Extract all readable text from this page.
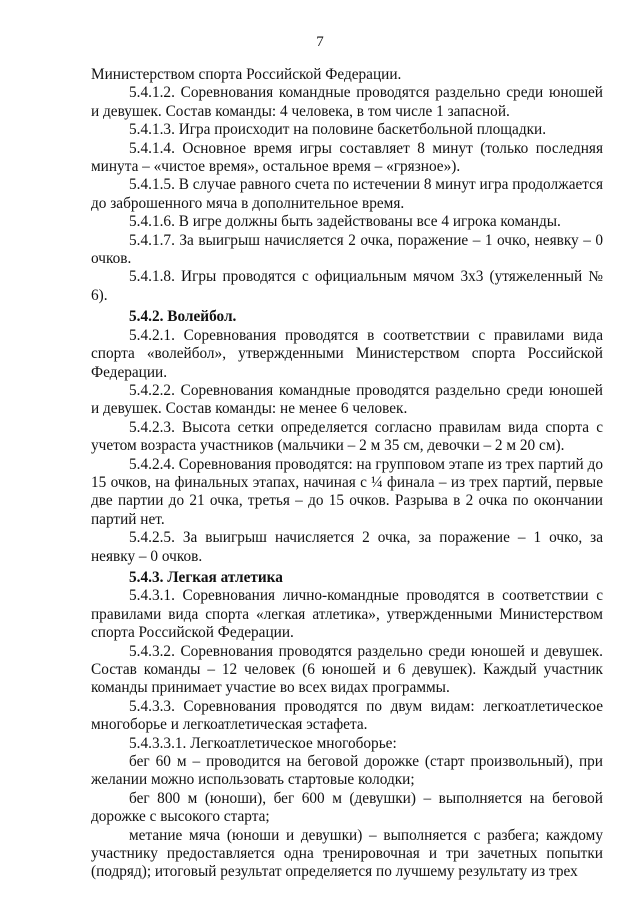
7

Министерством спорта Российской Федерации.

5.4.1.2. Соревнования командные проводятся раздельно среди юношей и девушек. Состав команды: 4 человека, в том числе 1 запасной.

5.4.1.3. Игра происходит на половине баскетбольной площадки.

5.4.1.4. Основное время игры составляет 8 минут (только последняя минута – «чистое время», остальное время – «грязное»).

5.4.1.5. В случае равного счета по истечении 8 минут игра продолжается до заброшенного мяча в дополнительное время.

5.4.1.6. В игре должны быть задействованы все 4 игрока команды.

5.4.1.7. За выигрыш начисляется 2 очка, поражение – 1 очко, неявку – 0 очков.

5.4.1.8. Игры проводятся с официальным мячом 3х3 (утяжеленный № 6).

5.4.2. Волейбол.

5.4.2.1. Соревнования проводятся в соответствии с правилами вида спорта «волейбол», утвержденными Министерством спорта Российской Федерации.

5.4.2.2. Соревнования командные проводятся раздельно среди юношей и девушек. Состав команды: не менее 6 человек.

5.4.2.3. Высота сетки определяется согласно правилам вида спорта с учетом возраста участников (мальчики – 2 м 35 см, девочки – 2 м 20 см).

5.4.2.4. Соревнования проводятся: на групповом этапе из трех партий до 15 очков, на финальных этапах, начиная с ¼ финала – из трех партий, первые две партии до 21 очка, третья – до 15 очков. Разрыва в 2 очка по окончании партий нет.

5.4.2.5. За выигрыш начисляется 2 очка, за поражение – 1 очко, за неявку – 0 очков.

5.4.3. Легкая атлетика

5.4.3.1. Соревнования лично-командные проводятся в соответствии с правилами вида спорта «легкая атлетика», утвержденными Министерством спорта Российской Федерации.

5.4.3.2. Соревнования проводятся раздельно среди юношей и девушек. Состав команды – 12 человек (6 юношей и 6 девушек). Каждый участник команды принимает участие во всех видах программы.

5.4.3.3. Соревнования проводятся по двум видам: легкоатлетическое многоборье и легкоатлетическая эстафета.

5.4.3.3.1. Легкоатлетическое многоборье:

бег 60 м – проводится на беговой дорожке (старт произвольный), при желании можно использовать стартовые колодки;

бег 800 м (юноши), бег 600 м (девушки) – выполняется на беговой дорожке с высокого старта;

метание мяча (юноши и девушки) – выполняется с разбега; каждому участнику предоставляется одна тренировочная и три зачетных попытки (подряд); итоговый результат определяется по лучшему результату из трех
